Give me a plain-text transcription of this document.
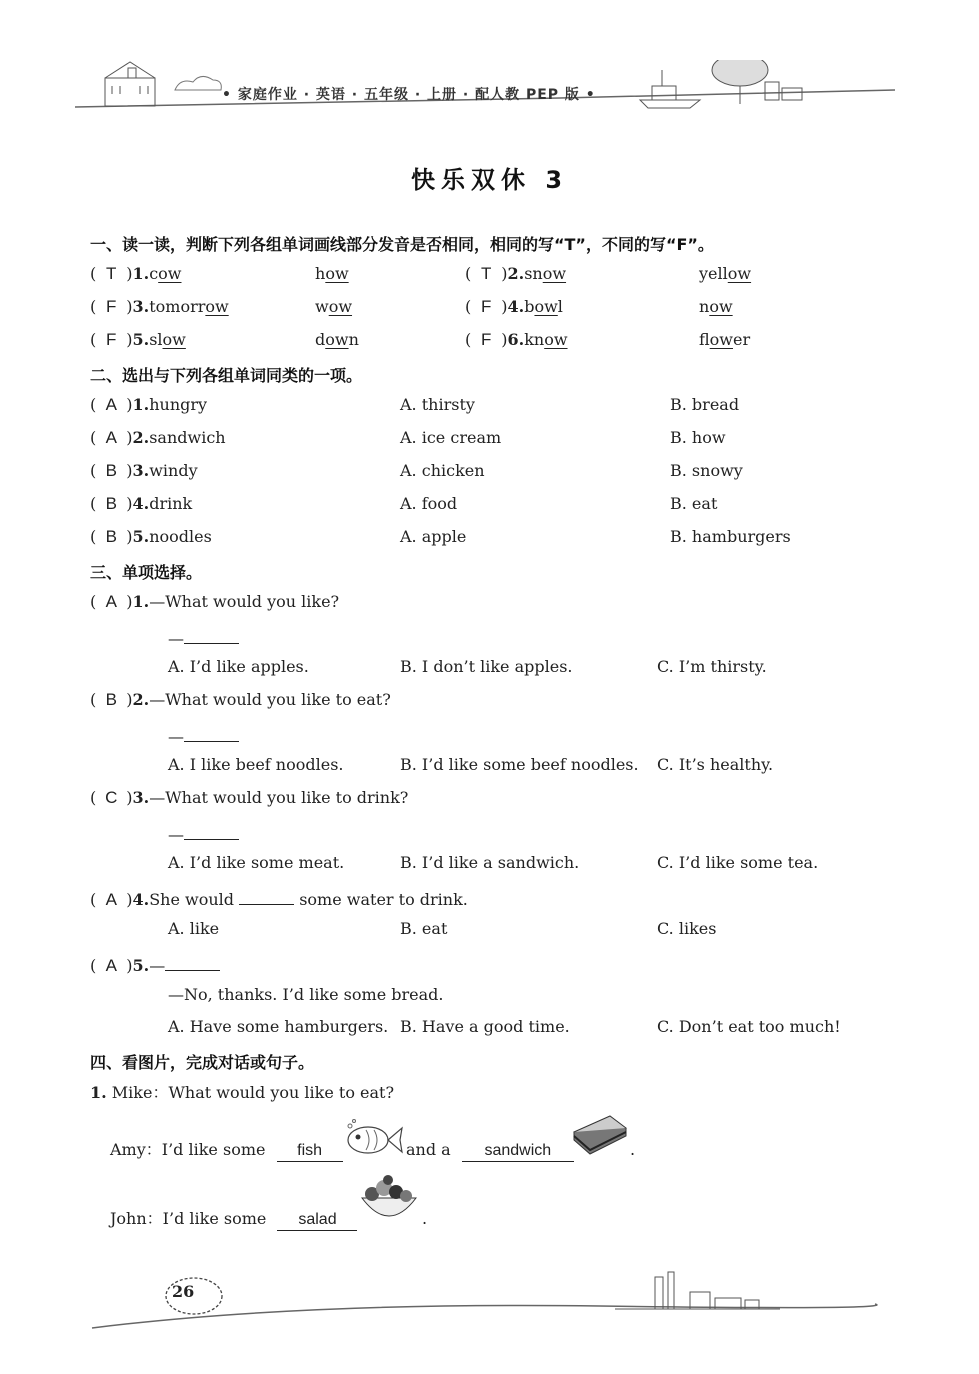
• 家庭作业 · 英语 · 五年级 · 上册 · 配人教 PEP 版 •
快乐双休 3
一、读一读，判断下列各组单词画线部分发音是否相同，相同的写“T”，不同的写“F”。
( T )1.cow	how	( T )2.snow	yellow
( F )3.tomorrow	wow	( F )4.bowl	now
( F )5.slow	down	( F )6.know	flower
二、选出与下列各组单词同类的一项。
( A )1.hungry	A. thirsty	B. bread
( A )2.sandwich	A. ice cream	B. how
( B )3.windy	A. chicken	B. snowy
( B )4.drink	A. food	B. eat
( B )5.noodles	A. apple	B. hamburgers
三、单项选择。
( A )1.—What would you like?
—
A. I’d like apples.	B. I don’t like apples.	C. I’m thirsty.
( B )2.—What would you like to eat?
—
A. I like beef noodles.	B. I’d like some beef noodles. C. It’s healthy.
( C )3.—What would you like to drink?
—
A. I’d like some meat.	B. I’d like a sandwich.	C. I’d like some tea.
( A )4.She would	some water to drink.
A. like	B. eat	C. likes
( A )5.—
—No, thanks. I’d like some bread.
A. Have some hamburgers. B. Have a good time.	C. Don’t eat too much!
四、看图片，完成对话或句子。
1. Mike：What would you like to eat?
Amy：I’d like some fish	and a sandwich	.
John：I’d like some salad	.
26
